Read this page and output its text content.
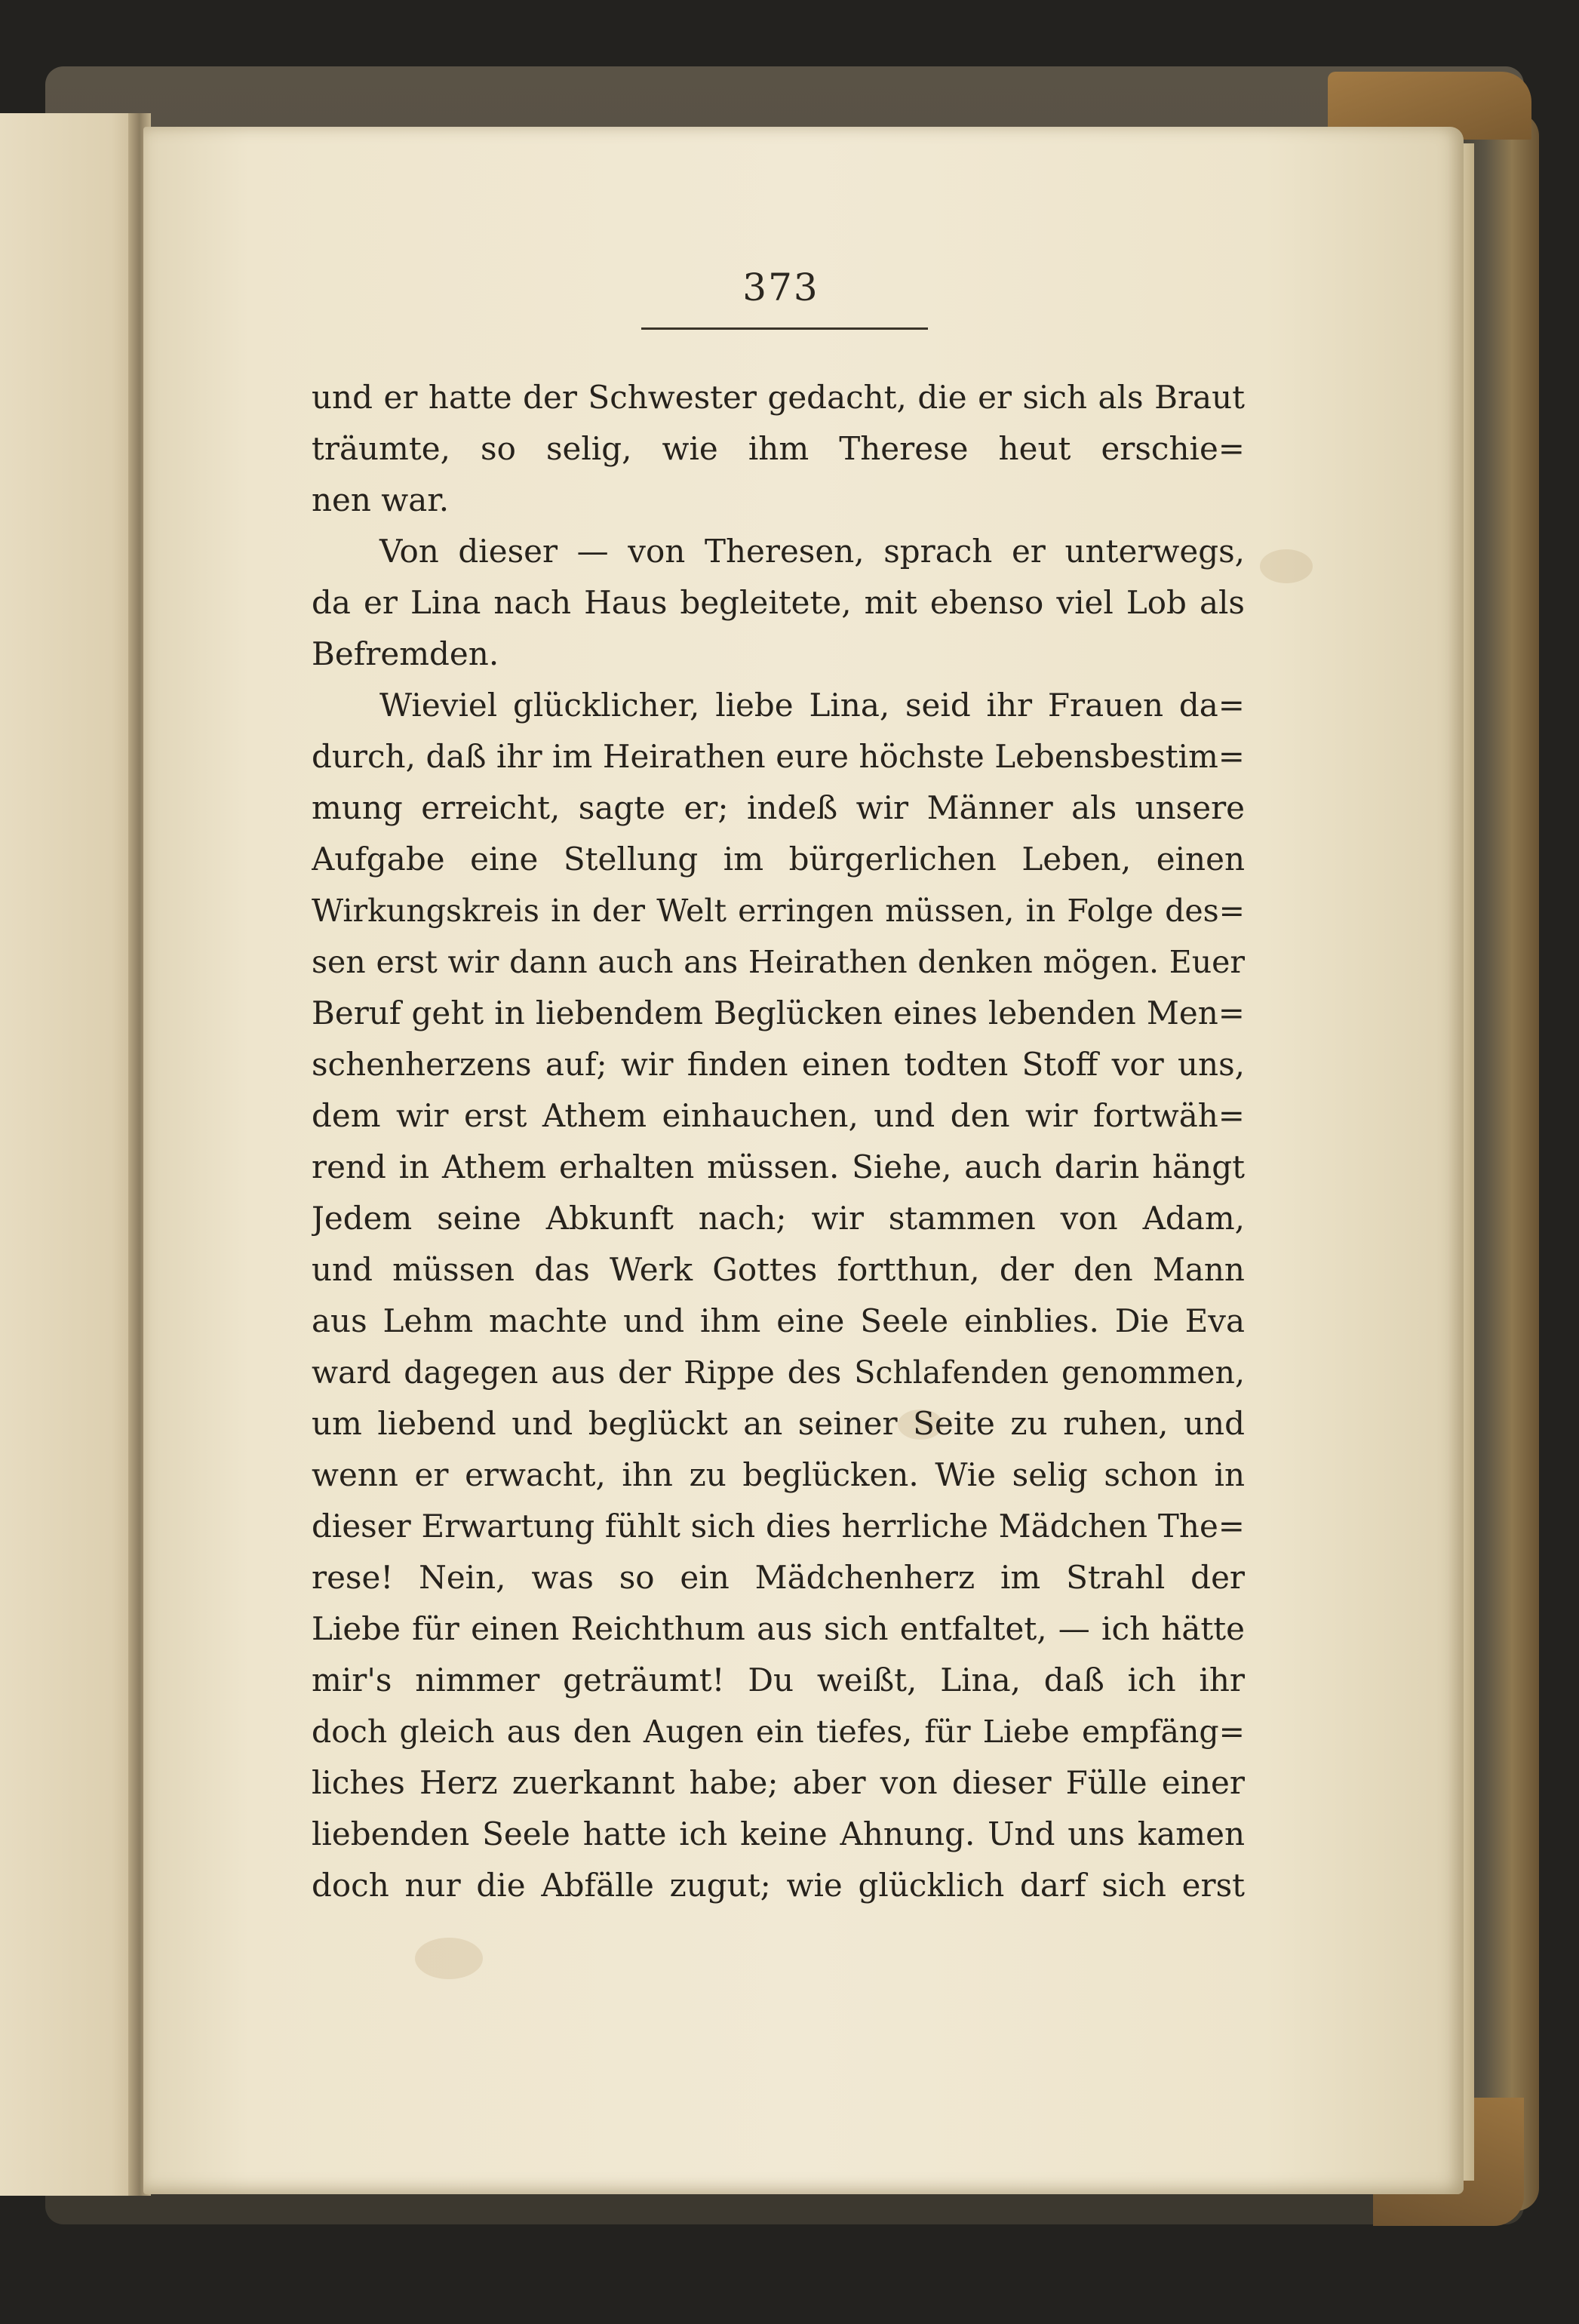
373
und er hatte der Schwester gedacht, die er sich als Braut
träumte, so selig, wie ihm Therese heut erschie=
nen war.
Von dieser — von Theresen, sprach er unterwegs,
da er Lina nach Haus begleitete, mit ebenso viel Lob als
Befremden.
Wieviel glücklicher, liebe Lina, seid ihr Frauen da=
durch, daß ihr im Heirathen eure höchste Lebensbestim=
mung erreicht, sagte er; indeß wir Männer als unsere
Aufgabe eine Stellung im bürgerlichen Leben, einen
Wirkungskreis in der Welt erringen müssen, in Folge des=
sen erst wir dann auch ans Heirathen denken mögen. Euer
Beruf geht in liebendem Beglücken eines lebenden Men=
schenherzens auf; wir finden einen todten Stoff vor uns,
dem wir erst Athem einhauchen, und den wir fortwäh=
rend in Athem erhalten müssen. Siehe, auch darin hängt
Jedem seine Abkunft nach; wir stammen von Adam,
und müssen das Werk Gottes fortthun, der den Mann
aus Lehm machte und ihm eine Seele einblies. Die Eva
ward dagegen aus der Rippe des Schlafenden genommen,
um liebend und beglückt an seiner Seite zu ruhen, und
wenn er erwacht, ihn zu beglücken. Wie selig schon in
dieser Erwartung fühlt sich dies herrliche Mädchen The=
rese! Nein, was so ein Mädchenherz im Strahl der
Liebe für einen Reichthum aus sich entfaltet, — ich hätte
mir's nimmer geträumt! Du weißt, Lina, daß ich ihr
doch gleich aus den Augen ein tiefes, für Liebe empfäng=
liches Herz zuerkannt habe; aber von dieser Fülle einer
liebenden Seele hatte ich keine Ahnung. Und uns kamen
doch nur die Abfälle zugut; wie glücklich darf sich erst
